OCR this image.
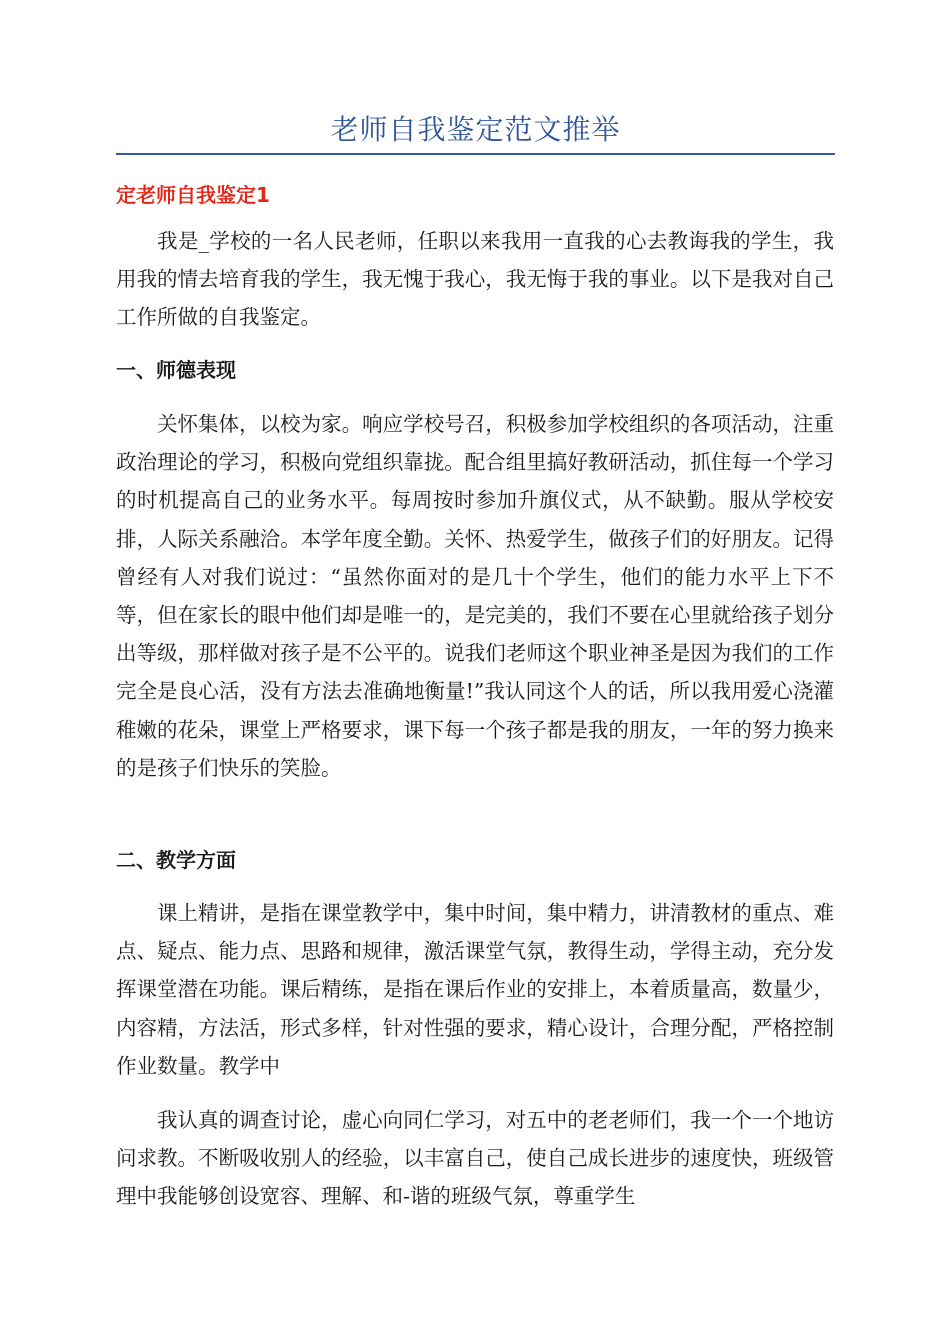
老师自我鉴定范文推举
定老师自我鉴定1

我是_学校的一名人民老师，任职以来我用一直我的心去教诲我的学生，我用我的情去培育我的学生，我无愧于我心，我无悔于我的事业。以下是我对自己工作所做的自我鉴定。

一、师德表现

关怀集体，以校为家。响应学校号召，积极参加学校组织的各项活动，注重政治理论的学习，积极向党组织靠拢。配合组里搞好教研活动，抓住每一个学习的时机提高自己的业务水平。每周按时参加升旗仪式，从不缺勤。服从学校安排，人际关系融洽。本学年度全勤。关怀、热爱学生，做孩子们的好朋友。记得曾经有人对我们说过：“虽然你面对的是几十个学生，他们的能力水平上下不等，但在家长的眼中他们却是唯一的，是完美的，我们不要在心里就给孩子划分出等级，那样做对孩子是不公平的。说我们老师这个职业神圣是因为我们的工作完全是良心活，没有方法去准确地衡量!”我认同这个人的话，所以我用爱心浇灌稚嫩的花朵，课堂上严格要求，课下每一个孩子都是我的朋友，一年的努力换来的是孩子们快乐的笑脸。

二、教学方面

课上精讲，是指在课堂教学中，集中时间，集中精力，讲清教材的重点、难点、疑点、能力点、思路和规律，激活课堂气氛，教得生动，学得主动，充分发挥课堂潜在功能。课后精练，是指在课后作业的安排上，本着质量高，数量少，内容精，方法活，形式多样，针对性强的要求，精心设计，合理分配，严格控制作业数量。教学中

我认真的调查讨论，虚心向同仁学习，对五中的老老师们，我一个一个地访问求教。不断吸收别人的经验，以丰富自己，使自己成长进步的速度快，班级管理中我能够创设宽容、理解、和-谐的班级气氛，尊重学生
